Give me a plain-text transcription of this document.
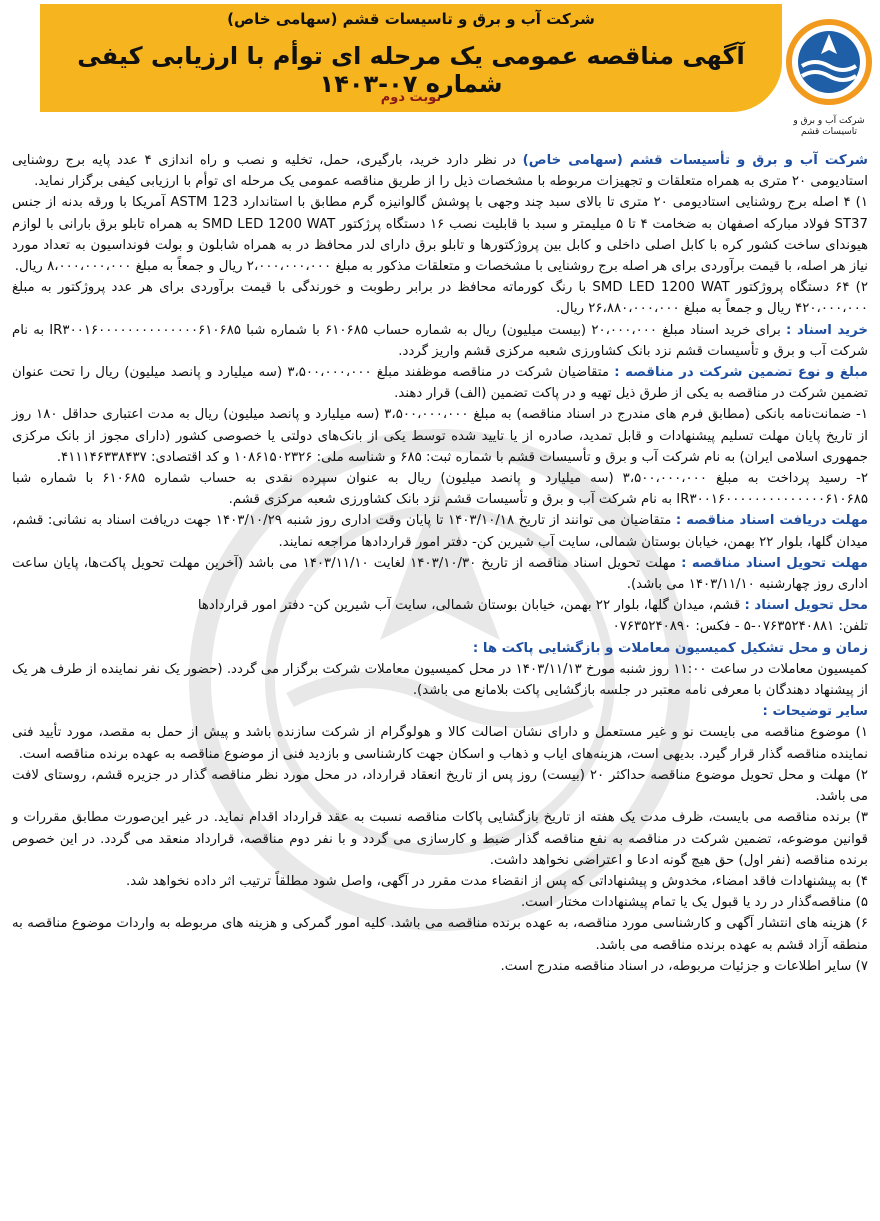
شرکت آب و برق و تاسیسات قشم (سهامی خاص)
آگهی مناقصه عمومی یک مرحله ای توأم با ارزیابی کیفی شماره ۰۷-۱۴۰۳
نوبت دوم
شرکت آب و برق و
تاسیسات قشم

شرکت آب و برق و تأسیسات قشم (سهامی خاص) در نظر دارد خرید، بارگیری، حمل، تخلیه و نصب و راه اندازی ۴ عدد پایه برج روشنایی استادیومی ۲۰ متری به همراه متعلقات و تجهیزات مربوطه با مشخصات ذیل را از طریق مناقصه عمومی یک مرحله ای توأم با ارزیابی کیفی برگزار نماید.

۱) ۴ اصله برج روشنایی استادیومی ۲۰ متری تا بالای سبد چند وجهی با پوشش گالوانیزه گرم مطابق با استاندارد ASTM 123 آمریکا با ورقه بدنه از جنس ST37 فولاد مبارکه اصفهان به ضخامت ۴ تا ۵ میلیمتر و سبد با قابلیت نصب ۱۶ دستگاه پرژکتور SMD LED 1200 WAT به همراه تابلو برق بارانی با لوازم هیوندای ساخت کشور کره با کابل اصلی داخلی و کابل بین پروژکتورها و تابلو برق دارای لدر محافظ در به همراه شابلون و بولت فونداسیون به تعداد مورد نیاز هر اصله، با قیمت برآوردی برای هر اصله برج روشنایی با مشخصات و متعلقات مذکور به مبلغ ۲،۰۰۰،۰۰۰،۰۰۰ ریال و جمعاً به مبلغ ۸،۰۰۰،۰۰۰،۰۰۰ ریال.

۲) ۶۴ دستگاه پروژکتور SMD LED 1200 WAT با رنگ کورماته محافظ در برابر رطوبت و خورندگی با قیمت برآوردی برای هر عدد پروژکتور به مبلغ ۴۲۰،۰۰۰،۰۰۰ ریال و جمعاً به مبلغ ۲۶،۸۸۰،۰۰۰،۰۰۰ ریال.

خرید اسناد : برای خرید اسناد مبلغ ۲۰،۰۰۰،۰۰۰ (بیست میلیون) ریال به شماره حساب ۶۱۰۶۸۵ با شماره شبا IR۳۰۰۱۶۰۰۰۰۰۰۰۰۰۰۰۰۰۰۶۱۰۶۸۵ به نام شرکت آب و برق و تأسیسات قشم نزد بانک کشاورزی شعبه مرکزی قشم واریز گردد.

مبلغ و نوع تضمین شرکت در مناقصه : متقاضیان شرکت در مناقصه موظفند مبلغ ۳،۵۰۰،۰۰۰،۰۰۰ (سه میلیارد و پانصد میلیون) ریال را تحت عنوان تضمین شرکت در مناقصه به یکی از طرق ذیل تهیه و در پاکت تضمین (الف) قرار دهند.

۱- ضمانت‌نامه بانکی (مطابق فرم های مندرج در اسناد مناقصه) به مبلغ ۳،۵۰۰،۰۰۰،۰۰۰ (سه میلیارد و پانصد میلیون) ریال به مدت اعتباری حداقل ۱۸۰ روز از تاریخ پایان مهلت تسلیم پیشنهادات و قابل تمدید، صادره از یا تایید شده توسط یکی از بانک‌های دولتی یا خصوصی کشور (دارای مجوز از بانک مرکزی جمهوری اسلامی ایران) به نام شرکت آب و برق و تأسیسات قشم با شماره ثبت: ۶۸۵ و شناسه ملی: ۱۰۸۶۱۵۰۲۳۲۶ و کد اقتصادی: ۴۱۱۱۴۶۳۳۸۴۳۷.

۲- رسید پرداخت به مبلغ ۳،۵۰۰،۰۰۰،۰۰۰ (سه میلیارد و پانصد میلیون) ریال به عنوان سپرده نقدی به حساب شماره ۶۱۰۶۸۵ با شماره شبا IR۳۰۰۱۶۰۰۰۰۰۰۰۰۰۰۰۰۰۰۶۱۰۶۸۵ به نام شرکت آب و برق و تأسیسات قشم نزد بانک کشاورزی شعبه مرکزی قشم.

مهلت دریافت اسناد مناقصه : متقاضیان می توانند از تاریخ ۱۴۰۳/۱۰/۱۸ تا پایان وقت اداری روز شنبه ۱۴۰۳/۱۰/۲۹ جهت دریافت اسناد به نشانی: قشم، میدان گلها، بلوار ۲۲ بهمن، خیابان بوستان شمالی، سایت آب شیرین کن- دفتر امور قراردادها مراجعه نمایند.

مهلت تحویل اسناد مناقصه : مهلت تحویل اسناد مناقصه از تاریخ ۱۴۰۳/۱۰/۳۰ لغایت ۱۴۰۳/۱۱/۱۰ می باشد (آخرین مهلت تحویل پاکت‌ها، پایان ساعت اداری روز چهارشنبه ۱۴۰۳/۱۱/۱۰ می باشد).

محل تحویل اسناد : قشم، میدان گلها، بلوار ۲۲ بهمن، خیابان بوستان شمالی، سایت آب شیرین کن- دفتر امور قراردادها

تلفن: ۰۷۶۳۵۲۴۰۸۸۱-۵ - فکس: ۰۷۶۳۵۲۴۰۸۹۰

زمان و محل تشکیل کمیسیون معاملات و بازگشایی پاکت ها :

کمیسیون معاملات در ساعت ۱۱:۰۰ روز شنبه مورخ ۱۴۰۳/۱۱/۱۳ در محل کمیسیون معاملات شرکت برگزار می گردد. (حضور یک نفر نماینده از طرف هر یک از پیشنهاد دهندگان با معرفی نامه معتبر در جلسه بازگشایی پاکت بلامانع می باشد).

سایر توضیحات :

۱) موضوع مناقصه می بایست نو و غیر مستعمل و دارای نشان اصالت کالا و هولوگرام از شرکت سازنده باشد و پیش از حمل به مقصد، مورد تأیید فنی نماینده مناقصه گذار قرار گیرد. بدیهی است، هزینه‌های ایاب و ذهاب و اسکان جهت کارشناسی و بازدید فنی از موضوع مناقصه به عهده برنده مناقصه است.

۲) مهلت و محل تحویل موضوع مناقصه حداکثر ۲۰ (بیست) روز پس از تاریخ انعقاد قرارداد، در محل مورد نظر مناقصه گذار در جزیره قشم، روستای لافت می باشد.

۳) برنده مناقصه می بایست، ظرف مدت یک هفته از تاریخ بازگشایی پاکات مناقصه نسبت به عقد قرارداد اقدام نماید. در غیر این‌صورت مطابق مقررات و قوانین موضوعه، تضمین شرکت در مناقصه به نفع مناقصه گذار ضبط و کارسازی می گردد و با نفر دوم مناقصه، قرارداد منعقد می گردد. در این خصوص برنده مناقصه (نفر اول) حق هیچ گونه ادعا و اعتراضی نخواهد داشت.

۴) به پیشنهادات فاقد امضاء، مخدوش و پیشنهاداتی که پس از انقضاء مدت مقرر در آگهی، واصل شود مطلقاً ترتیب اثر داده نخواهد شد.

۵) مناقصه‌گذار در رد یا قبول یک یا تمام پیشنهادات مختار است.

۶) هزینه های انتشار آگهی و کارشناسی مورد مناقصه، به عهده برنده مناقصه می باشد. کلیه امور گمرکی و هزینه های مربوطه به واردات موضوع مناقصه به منطقه آزاد قشم به عهده برنده مناقصه می باشد.

۷) سایر اطلاعات و جزئیات مربوطه، در اسناد مناقصه مندرج است.
